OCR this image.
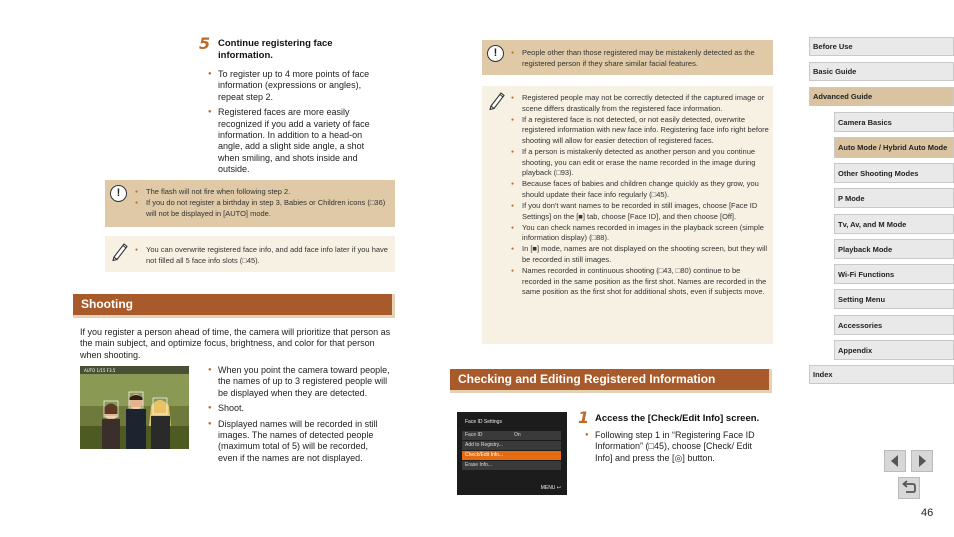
5 Continue registering face information.
● To register up to 4 more points of face information (expressions or angles), repeat step 2.
● Registered faces are more easily recognized if you add a variety of face information. In addition to a head-on angle, add a slight side angle, a shot when smiling, and shots inside and outside.
!	● The flash will not fire when following step 2.
● If you do not register a birthday in step 3, Babies or Children icons (□36) will not be displayed in [AUTO] mode.
● You can overwrite registered face info, and add face info later if you have not filled all 5 face info slots (□45).
Shooting
If you register a person ahead of time, the camera will prioritize that person as the main subject, and optimize focus, brightness, and color for that person when shooting.
AUTO 1/15 F3.5	● When you point the camera toward people, the names of up to 3 registered people will be displayed when they are detected.
● Shoot.
● Displayed names will be recorded in still images. The names of detected people (maximum total of 5) will be recorded, even if the names are not displayed.
!	● People other than those registered may be mistakenly detected as the registered person if they share similar facial features.
● Registered people may not be correctly detected if the captured image or scene differs drastically from the registered face information.
● If a registered face is not detected, or not easily detected, overwrite registered information with new face info. Registering face info right before shooting will allow for easier detection of registered faces.
● If a person is mistakenly detected as another person and you continue shooting, you can edit or erase the name recorded in the image during playback (□93).
● Because faces of babies and children change quickly as they grow, you should update their face info regularly (□45).
● If you don't want names to be recorded in still images, choose [Face ID Settings] on the [■] tab, choose [Face ID], and then choose [Off].
● You can check names recorded in images in the playback screen (simple information display) (□88).
● In [■] mode, names are not displayed on the shooting screen, but they will be recorded in still images.
● Names recorded in continuous shooting (□43, □80) continue to be recorded in the same position as the first shot. Names are recorded in the same position as the first shot for additional shots, even if subjects move.
Checking and Editing Registered Information
Face ID Settings
Face ID	On
Add to Registry...
Check/Edit Info...
Erase Info...
MENU ↩
1 Access the [Check/Edit Info] screen.
● Following step 1 in “Registering Face ID Information” (□45), choose [Check/ Edit Info] and press the [◎] button.
Before Use
Basic Guide
Advanced Guide
Camera Basics
Auto Mode / Hybrid Auto Mode
Other Shooting Modes
P Mode
Tv, Av, and M Mode
Playback Mode
Wi-Fi Functions
Setting Menu
Accessories
Appendix
Index
46
